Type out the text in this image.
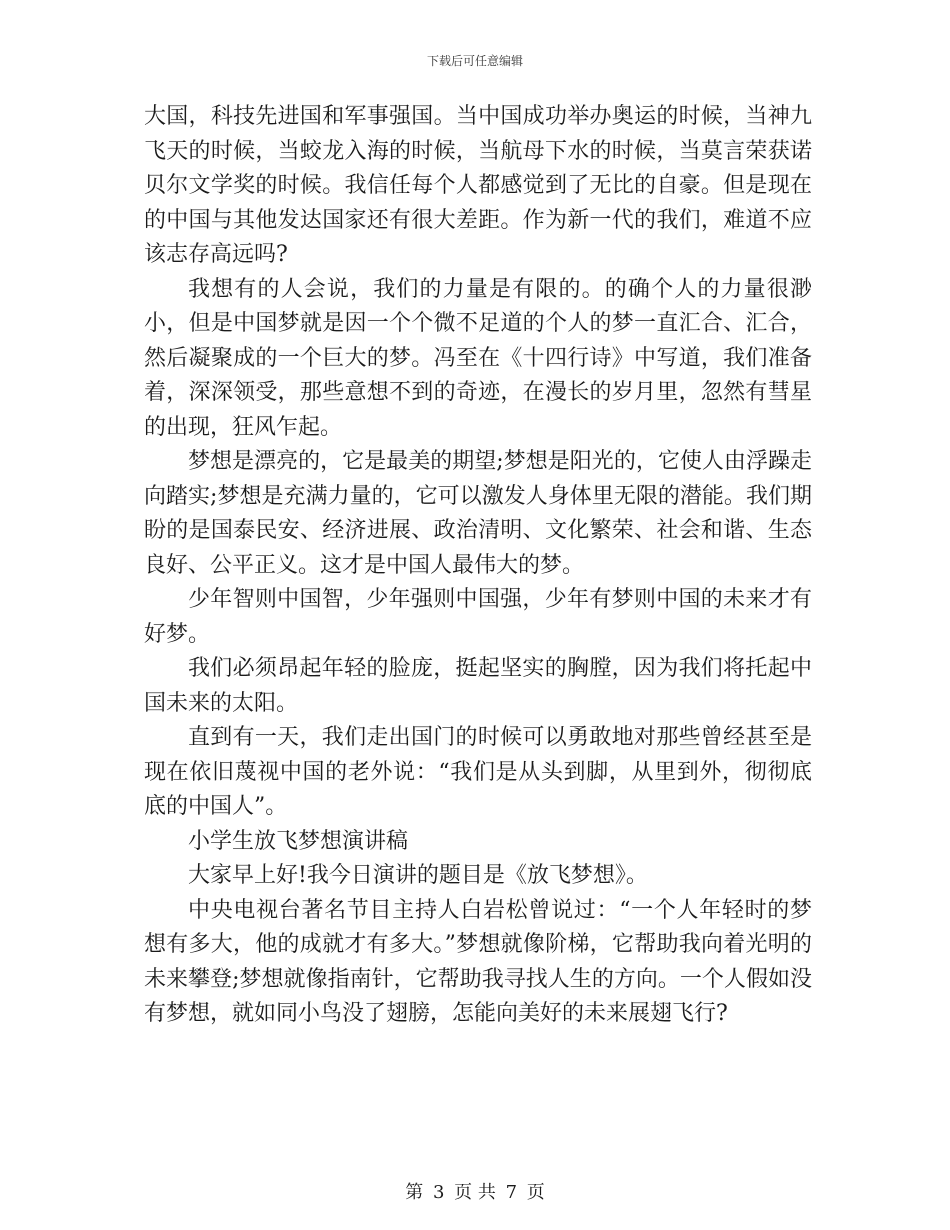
下载后可任意编辑

大国，科技先进国和军事强国。当中国成功举办奥运的时候，当神九飞天的时候，当蛟龙入海的时候，当航母下水的时候，当莫言荣获诺贝尔文学奖的时候。我信任每个人都感觉到了无比的自豪。但是现在的中国与其他发达国家还有很大差距。作为新一代的我们，难道不应该志存高远吗?

我想有的人会说，我们的力量是有限的。的确个人的力量很渺小，但是中国梦就是因一个个微不足道的个人的梦一直汇合、汇合，然后凝聚成的一个巨大的梦。冯至在《十四行诗》中写道，我们准备着，深深领受，那些意想不到的奇迹，在漫长的岁月里，忽然有彗星的出现，狂风乍起。

梦想是漂亮的，它是最美的期望;梦想是阳光的，它使人由浮躁走向踏实;梦想是充满力量的，它可以激发人身体里无限的潜能。我们期盼的是国泰民安、经济进展、政治清明、文化繁荣、社会和谐、生态良好、公平正义。这才是中国人最伟大的梦。

少年智则中国智，少年强则中国强，少年有梦则中国的未来才有好梦。

我们必须昂起年轻的脸庞，挺起坚实的胸膛，因为我们将托起中国未来的太阳。

直到有一天，我们走出国门的时候可以勇敢地对那些曾经甚至是现在依旧蔑视中国的老外说：“我们是从头到脚，从里到外，彻彻底底的中国人”。

小学生放飞梦想演讲稿

大家早上好!我今日演讲的题目是《放飞梦想》。

中央电视台著名节目主持人白岩松曾说过：“一个人年轻时的梦想有多大，他的成就才有多大。”梦想就像阶梯，它帮助我向着光明的未来攀登;梦想就像指南针，它帮助我寻找人生的方向。一个人假如没有梦想，就如同小鸟没了翅膀，怎能向美好的未来展翅飞行?

第 3 页 共 7 页
